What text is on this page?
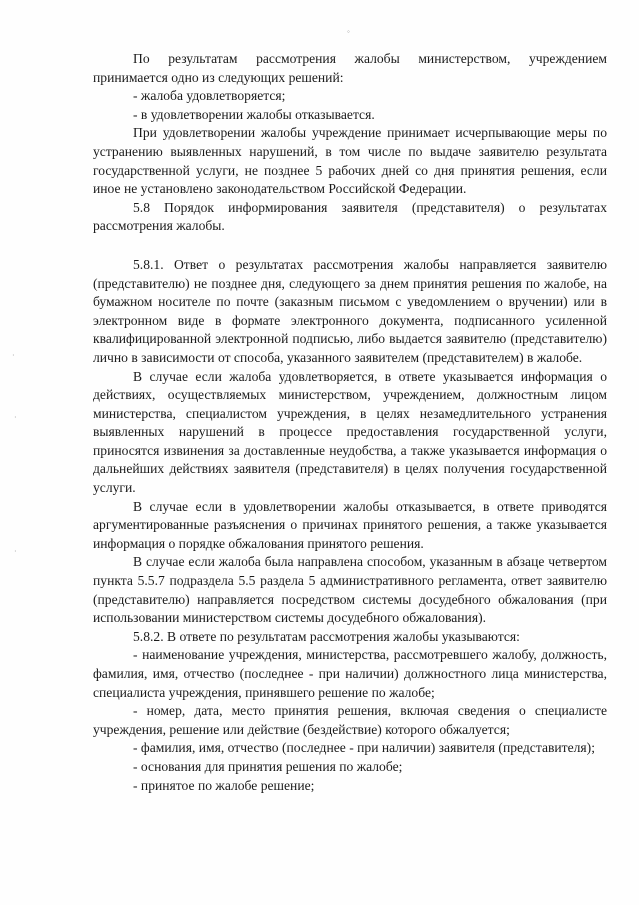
◦
·
·
·

По результатам рассмотрения жалобы министерством, учреждением принимается одно из следующих решений:

- жалоба удовлетворяется;

- в удовлетворении жалобы отказывается.

При удовлетворении жалобы учреждение принимает исчерпывающие меры по устранению выявленных нарушений, в том числе по выдаче заявителю результата государственной услуги, не позднее 5 рабочих дней со дня принятия решения, если иное не установлено законодательством Российской Федерации.

5.8 Порядок информирования заявителя (представителя) о результатах рассмотрения жалобы.

5.8.1. Ответ о результатах рассмотрения жалобы направляется заявителю (представителю) не позднее дня, следующего за днем принятия решения по жалобе, на бумажном носителе по почте (заказным письмом с уведомлением о вручении) или в электронном виде в формате электронного документа, подписанного усиленной квалифицированной электронной подписью, либо выдается заявителю (представителю) лично в зависимости от способа, указанного заявителем (представителем) в жалобе.

В случае если жалоба удовлетворяется, в ответе указывается информация о действиях, осуществляемых министерством, учреждением, должностным лицом министерства, специалистом учреждения, в целях незамедлительного устранения выявленных нарушений в процессе предоставления государственной услуги, приносятся извинения за доставленные неудобства, а также указывается информация о дальнейших действиях заявителя (представителя) в целях получения государственной услуги.

В случае если в удовлетворении жалобы отказывается, в ответе приводятся аргументированные разъяснения о причинах принятого решения, а также указывается информация о порядке обжалования принятого решения.

В случае если жалоба была направлена способом, указанным в абзаце четвертом пункта 5.5.7 подраздела 5.5 раздела 5 административного регламента, ответ заявителю (представителю) направляется посредством системы досудебного обжалования (при использовании министерством системы досудебного обжалования).

5.8.2. В ответе по результатам рассмотрения жалобы указываются:

- наименование учреждения, министерства, рассмотревшего жалобу, должность, фамилия, имя, отчество (последнее - при наличии) должностного лица министерства, специалиста учреждения, принявшего решение по жалобе;

- номер, дата, место принятия решения, включая сведения о специалисте учреждения, решение или действие (бездействие) которого обжалуется;

- фамилия, имя, отчество (последнее - при наличии) заявителя (представителя);

- основания для принятия решения по жалобе;

- принятое по жалобе решение;
